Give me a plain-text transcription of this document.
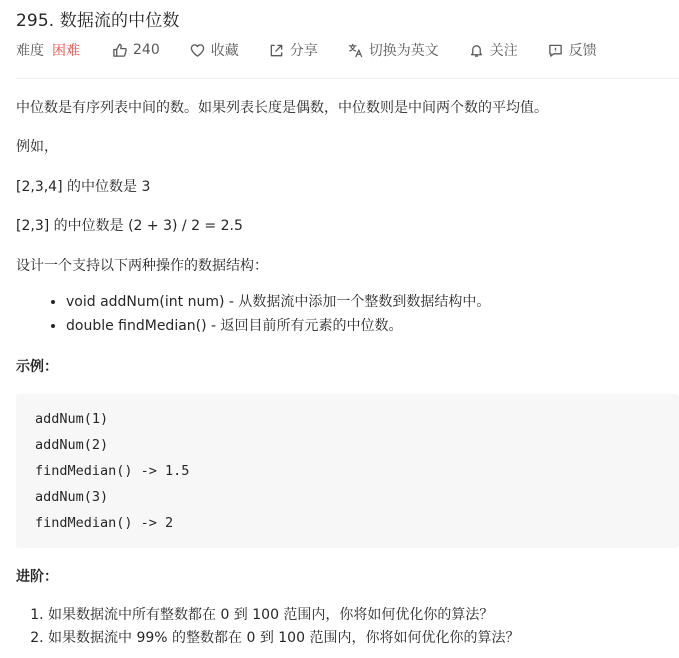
295. 数据流的中位数
难度 困难	240	收藏	分享	切换为英文	关注	反馈

中位数是有序列表中间的数。如果列表长度是偶数，中位数则是中间两个数的平均值。

例如，

[2,3,4] 的中位数是 3

[2,3] 的中位数是 (2 + 3) / 2 = 2.5

设计一个支持以下两种操作的数据结构：

• void addNum(int num) - 从数据流中添加一个整数到数据结构中。
• double findMedian() - 返回目前所有元素的中位数。

示例：

addNum(1)
addNum(2)
findMedian() -> 1.5
addNum(3)
findMedian() -> 2

进阶：

1. 如果数据流中所有整数都在 0 到 100 范围内，你将如何优化你的算法？
2. 如果数据流中 99% 的整数都在 0 到 100 范围内，你将如何优化你的算法？
